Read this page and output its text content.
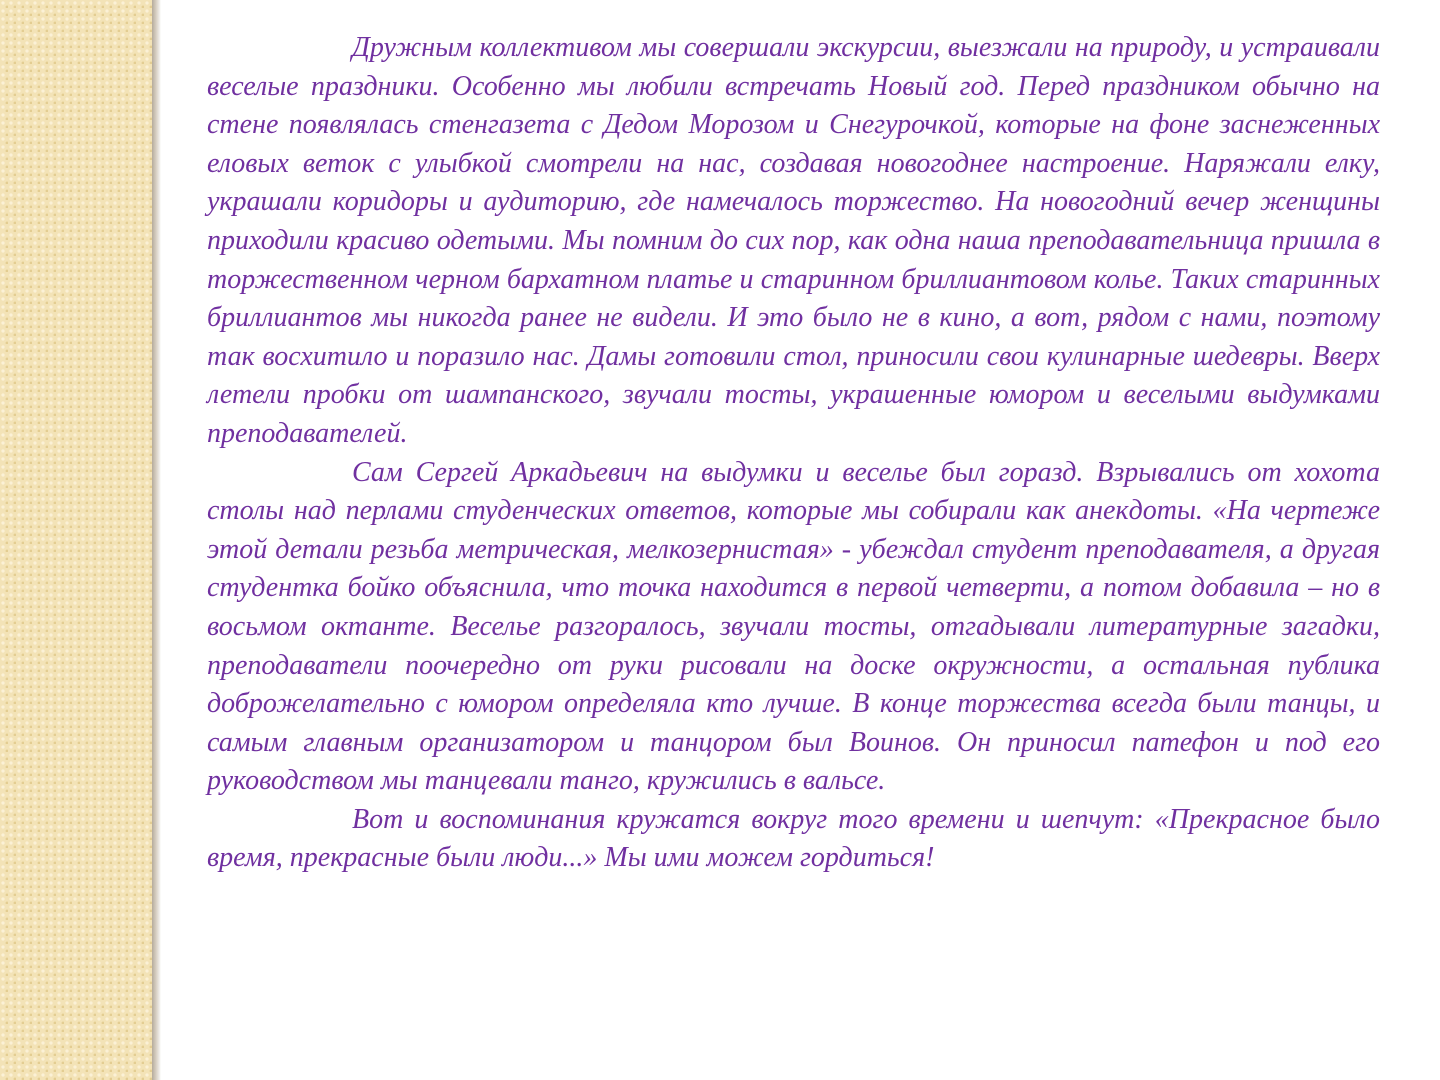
Дружным коллективом мы совершали экскурсии, выезжали на природу, и устраивали веселые праздники. Особенно мы любили встречать Новый год. Перед праздником обычно на стене появлялась стенгазета с Дедом Морозом и Снегурочкой, которые на фоне заснеженных еловых веток с улыбкой смотрели на нас, создавая новогоднее настроение. Наряжали елку, украшали коридоры и аудиторию, где намечалось торжество. На новогодний вечер женщины приходили красиво одетыми. Мы помним до сих пор, как одна наша преподавательница пришла в торжественном черном бархатном платье и старинном бриллиантовом колье. Таких старинных бриллиантов мы никогда ранее не видели. И это было не в кино, а вот, рядом с нами, поэтому так восхитило и поразило нас. Дамы готовили стол, приносили свои кулинарные шедевры. Вверх летели пробки от шампанского, звучали тосты, украшенные юмором и веселыми выдумками преподавателей.

Сам Сергей Аркадьевич на выдумки и веселье был горазд. Взрывались от хохота столы над перлами студенческих ответов, которые мы собирали как анекдоты. «На чертеже этой детали резьба метрическая, мелкозернистая» - убеждал студент преподавателя, а другая студентка бойко объяснила, что точка находится в первой четверти, а потом добавила – но в восьмом октанте. Веселье разгоралось, звучали тосты, отгадывали литературные загадки, преподаватели поочередно от руки рисовали на доске окружности, а остальная публика доброжелательно с юмором определяла кто лучше. В конце торжества всегда были танцы, и самым главным организатором и танцором был Воинов. Он приносил патефон и под его руководством мы танцевали танго, кружились в вальсе.

Вот и воспоминания кружатся вокруг того времени и шепчут: «Прекрасное было время, прекрасные были люди...» Мы ими можем гордиться!
